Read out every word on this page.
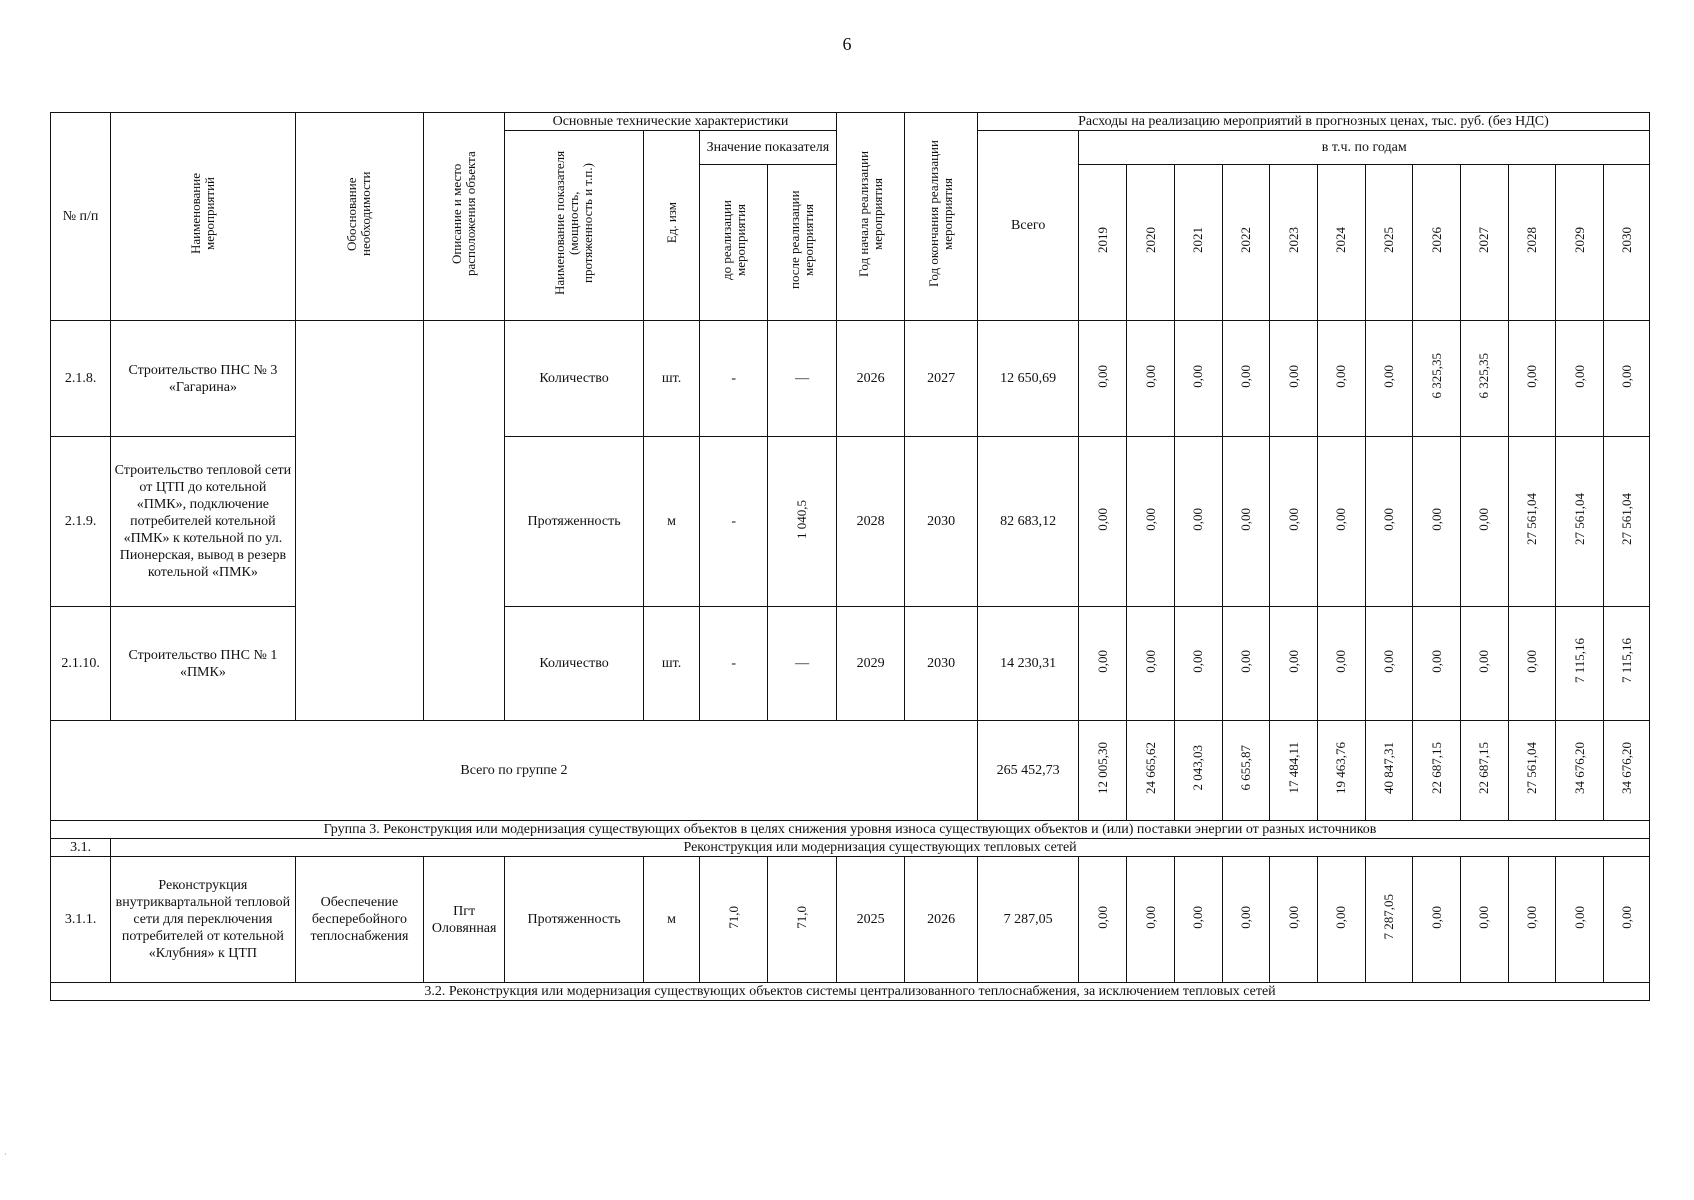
6
№ п/п	Наименование мероприятий	Обоснование необходимости	Описание и место расположения объекта	Основные технические характеристики				Год начала реализации мероприятия	Год окончания реализации мероприятия	Расходы на реализацию мероприятий в прогнозных ценах, тыс. руб. (без НДС)												
				Наименование показателя (мощность, протяженность и т.п.)	Ед. изм	Значение показателя				Всего	в т.ч. по годам											
						до реализации мероприятия	после реализации мероприятия				2019	2020	2021	2022	2023	2024	2025	2026	2027	2028	2029	2030
2.1.8.	Строительство ПНС № 3 «Гагарина»			Количество	шт.	-	—	2026	2027	12 650,69	0,00	0,00	0,00	0,00	0,00	0,00	0,00	6 325,35	6 325,35	0,00	0,00	0,00
2.1.9.	Строительство тепловой сети от ЦТП до котельной «ПМК», подключение потребителей котельной «ПМК» к котельной по ул. Пионерская, вывод в резерв котельной «ПМК»			Протяженность	м	-	1 040,5	2028	2030	82 683,12	0,00	0,00	0,00	0,00	0,00	0,00	0,00	0,00	0,00	27 561,04	27 561,04	27 561,04
2.1.10.	Строительство ПНС № 1 «ПМК»			Количество	шт.	-	—	2029	2030	14 230,31	0,00	0,00	0,00	0,00	0,00	0,00	0,00	0,00	0,00	0,00	7 115,16	7 115,16
Всего по группе 2										265 452,73	12 005,30	24 665,62	2 043,03	6 655,87	17 484,11	19 463,76	40 847,31	22 687,15	22 687,15	27 561,04	34 676,20	34 676,20
Группа 3. Реконструкция или модернизация существующих объектов в целях снижения уровня износа существующих объектов и (или) поставки энергии от разных источников																						
3.1.	Реконструкция или модернизация существующих тепловых сетей																					
3.1.1.	Реконструкция внутриквартальной тепловой сети для переключения потребителей от котельной «Клубния» к ЦТП	Обеспечение бесперебойного теплоснабжения	Пгт Оловянная	Протяженность	м	71,0	71,0	2025	2026	7 287,05	0,00	0,00	0,00	0,00	0,00	0,00	7 287,05	0,00	0,00	0,00	0,00	0,00
3.2. Реконструкция или модернизация существующих объектов системы централизованного теплоснабжения, за исключением тепловых сетей																						
·
